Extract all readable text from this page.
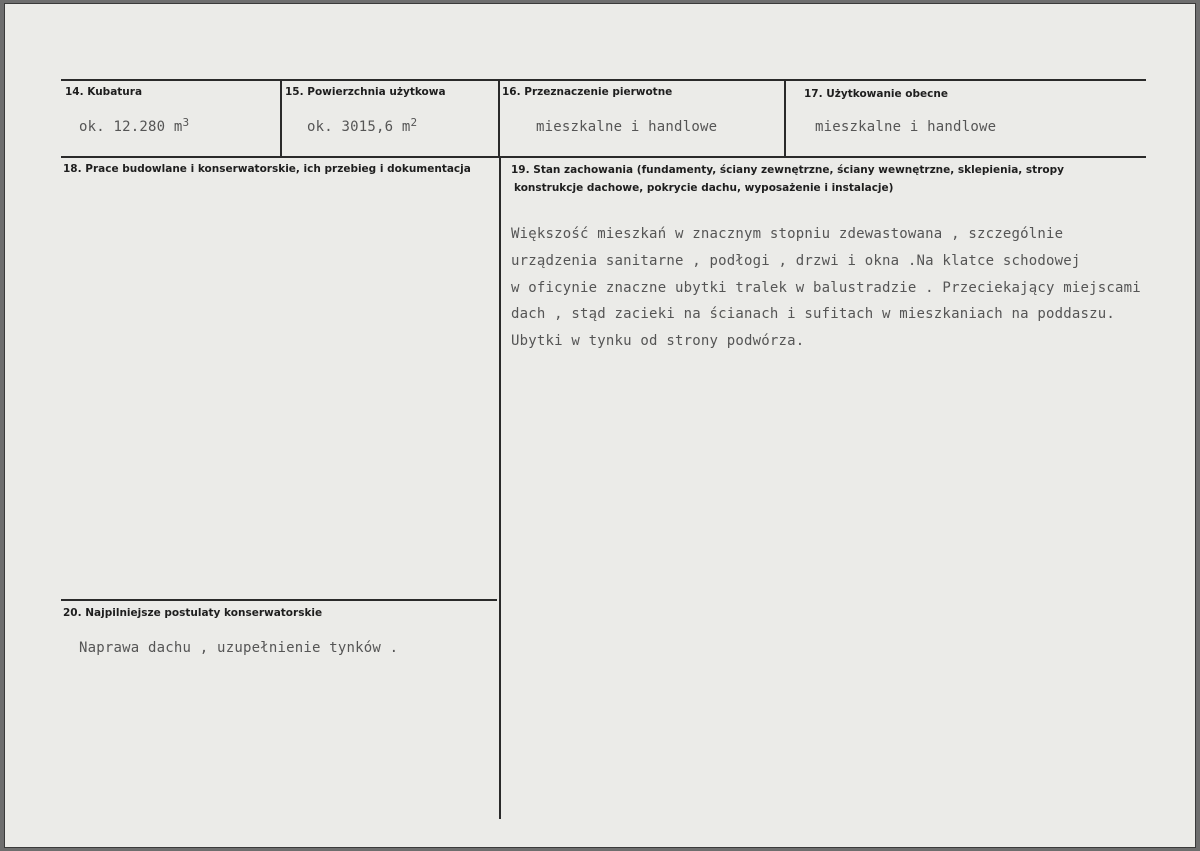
14. Kubatura
ok. 12.280 $m^3$
15. Powierzchnia użytkowa
ok. 3015,6 $m^2$
16. Przeznaczenie pierwotne
mieszkalne i handlowe
17. Użytkowanie obecne
mieszkalne i handlowe
18. Prace budowlane i konserwatorskie, ich przebieg i dokumentacja	19. Stan zachowania (fundamenty, ściany zewnętrzne, ściany wewnętrzne, sklepienia, stropy
konstrukcje dachowe, pokrycie dachu, wyposażenie i instalacje)
Większość mieszkań w znacznym stopniu zdewastowana , szczególnie
urządzenia sanitarne , podłogi , drzwi i okna .Na klatce schodowej
w oficynie znaczne ubytki tralek w balustradzie . Przeciekający miejscami
dach , stąd zacieki na ścianach i sufitach w mieszkaniach na poddaszu.
Ubytki w tynku od strony podwórza.
20. Najpilniejsze postulaty konserwatorskie
Naprawa dachu , uzupełnienie tynków .
